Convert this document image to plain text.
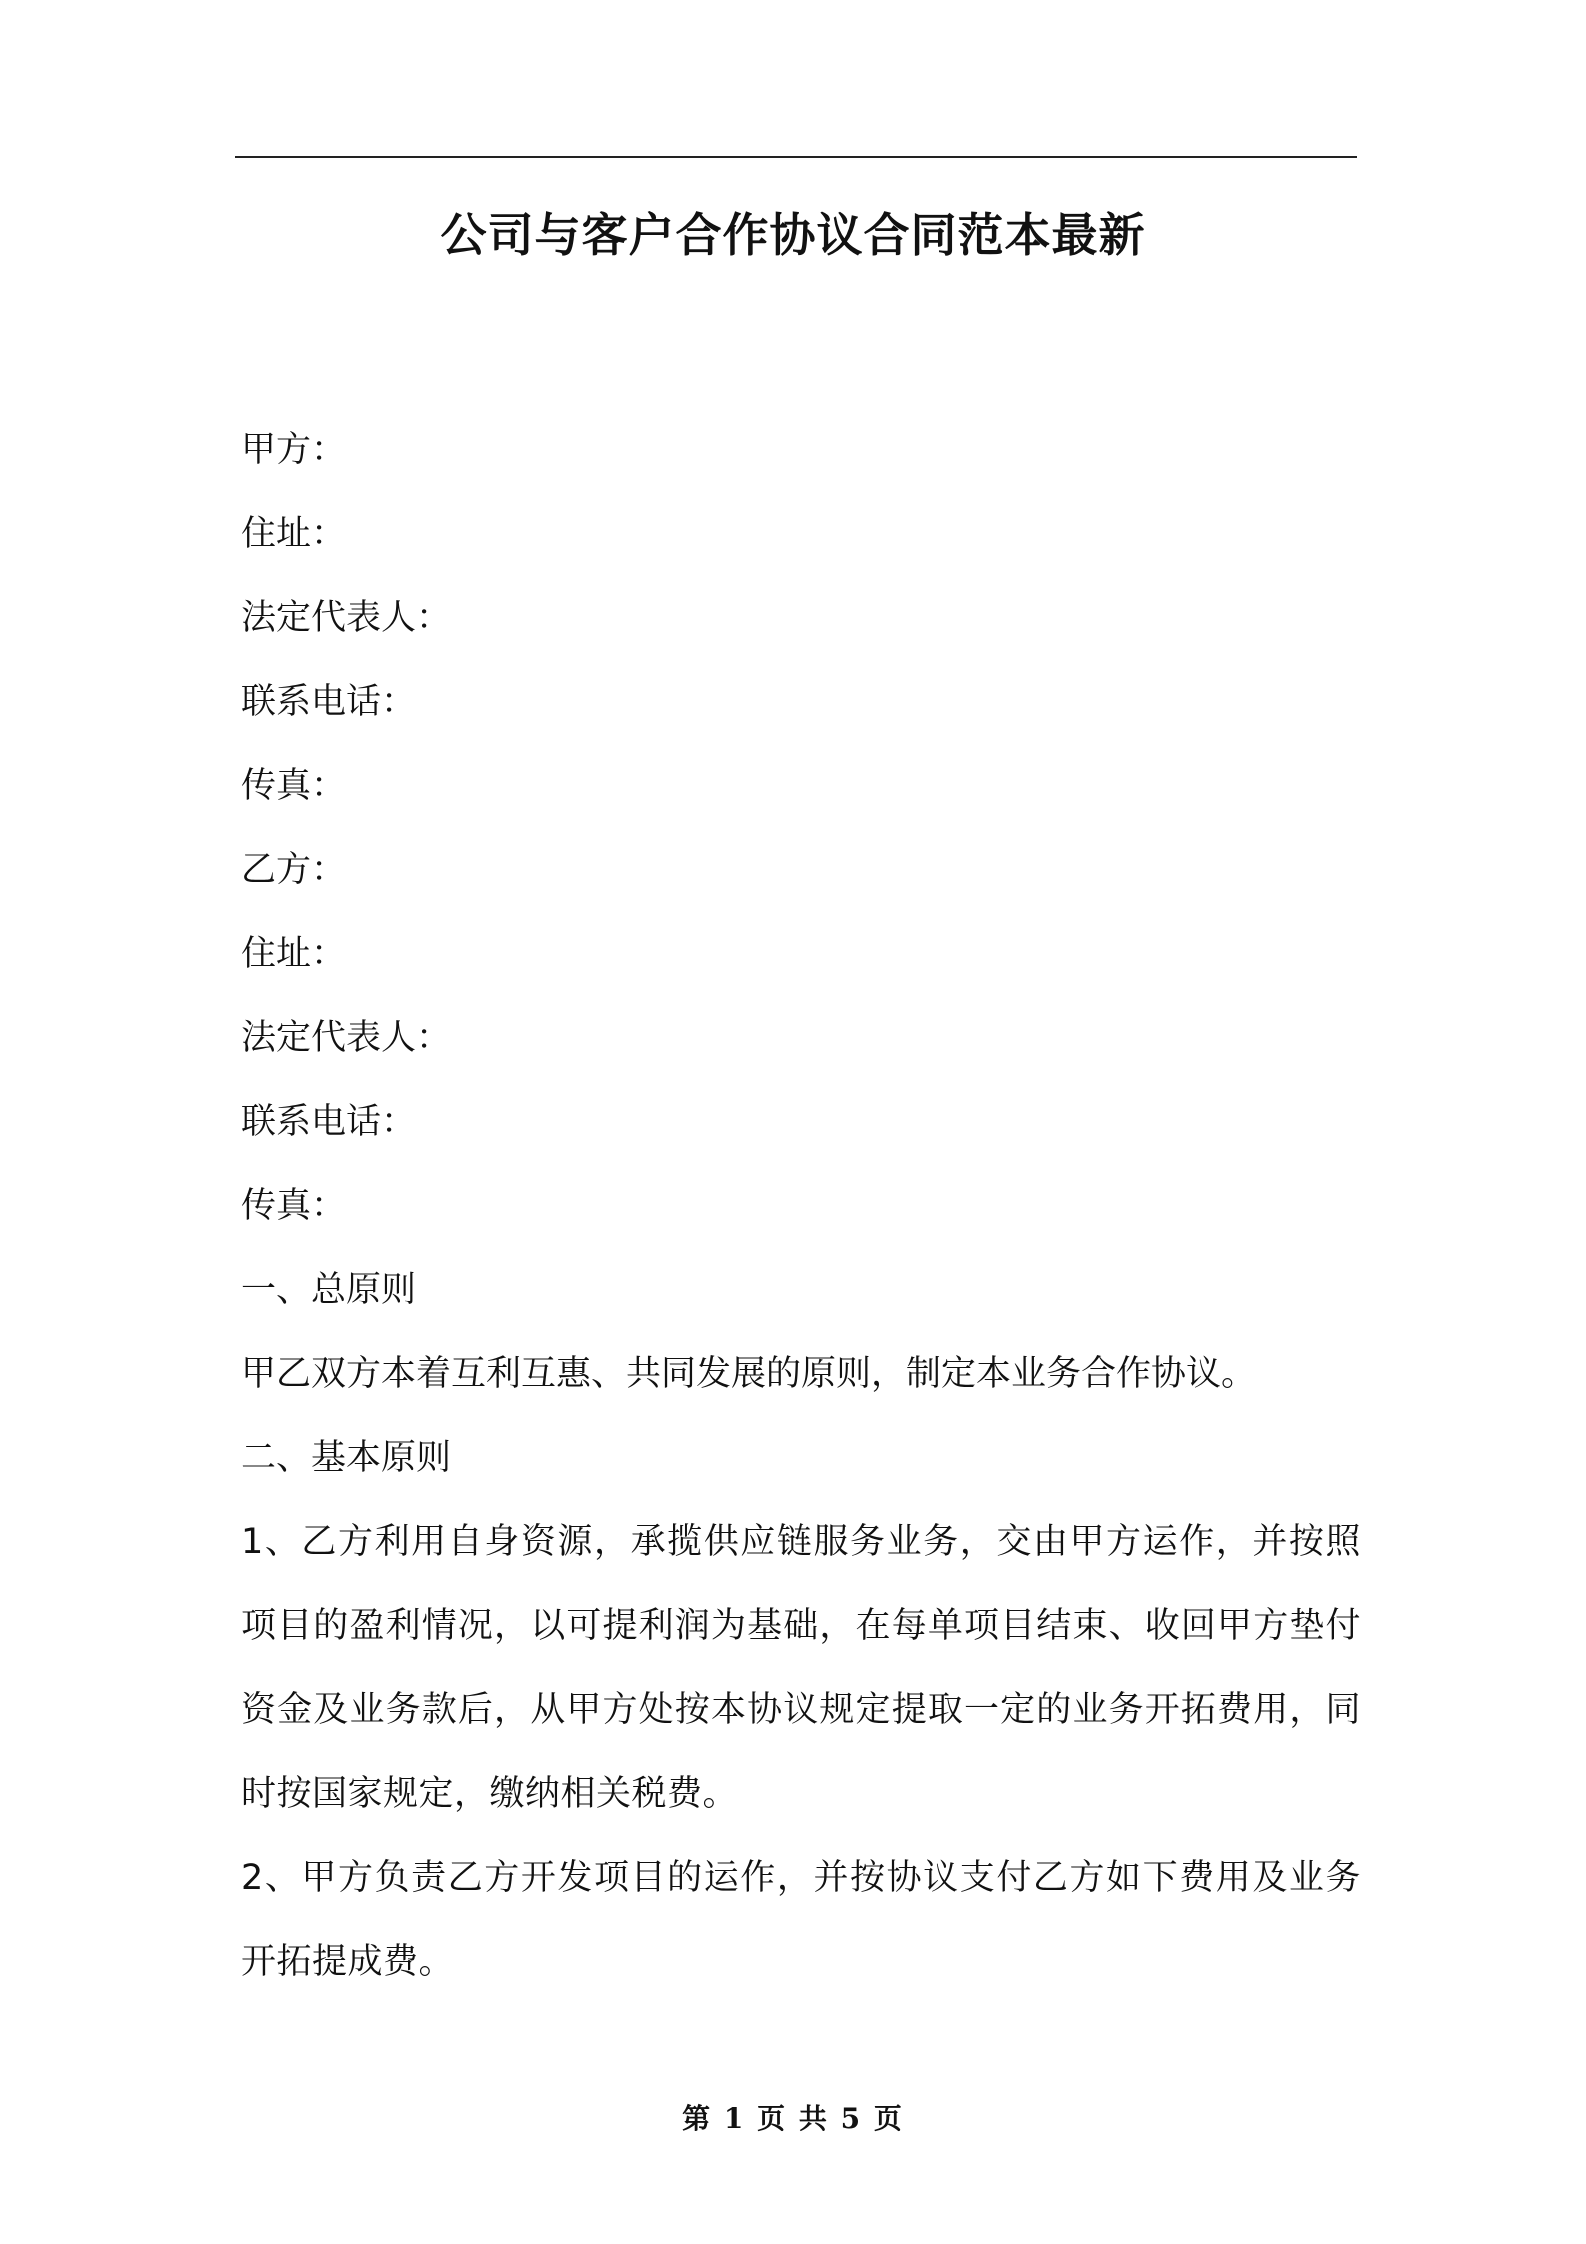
公司与客户合作协议合同范本最新
甲方：
住址：
法定代表人：
联系电话：
传真：
乙方：
住址：
法定代表人：
联系电话：
传真：
一、总原则
甲乙双方本着互利互惠、共同发展的原则，制定本业务合作协议。
二、基本原则

1、乙方利用自身资源，承揽供应链服务业务，交由甲方运作，并按照项目的盈利情况，以可提利润为基础，在每单项目结束、收回甲方垫付资金及业务款后，从甲方处按本协议规定提取一定的业务开拓费用，同时按国家规定，缴纳相关税费。

2、甲方负责乙方开发项目的运作，并按协议支付乙方如下费用及业务开拓提成费。

第 1 页 共 5 页
